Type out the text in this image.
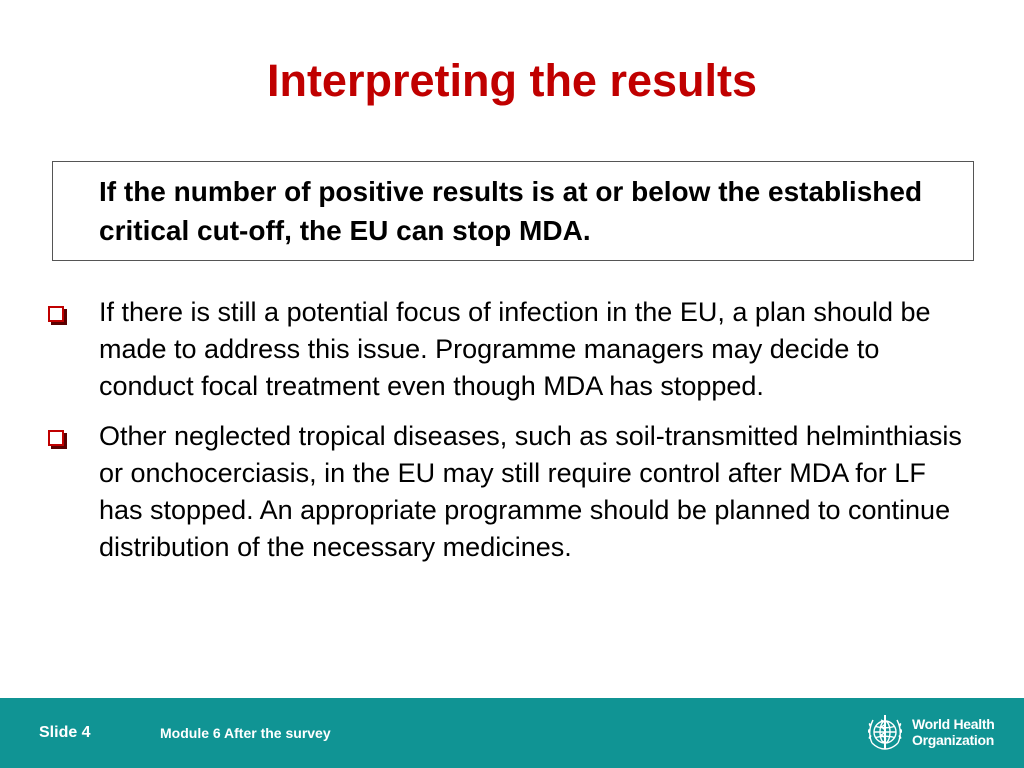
Interpreting the results

If the number of positive results is at or below the established critical cut-off, the EU can stop MDA.

If there is still a potential focus of infection in the EU, a plan should be made to address this issue. Programme managers may decide to conduct focal treatment even though MDA has stopped.
Other neglected tropical diseases, such as soil-transmitted helminthiasis or onchocerciasis, in the EU may still require control after MDA for LF has stopped. An appropriate programme should be planned to continue distribution of the necessary medicines.
Slide 4	Module 6 After the survey
World Health
Organization
